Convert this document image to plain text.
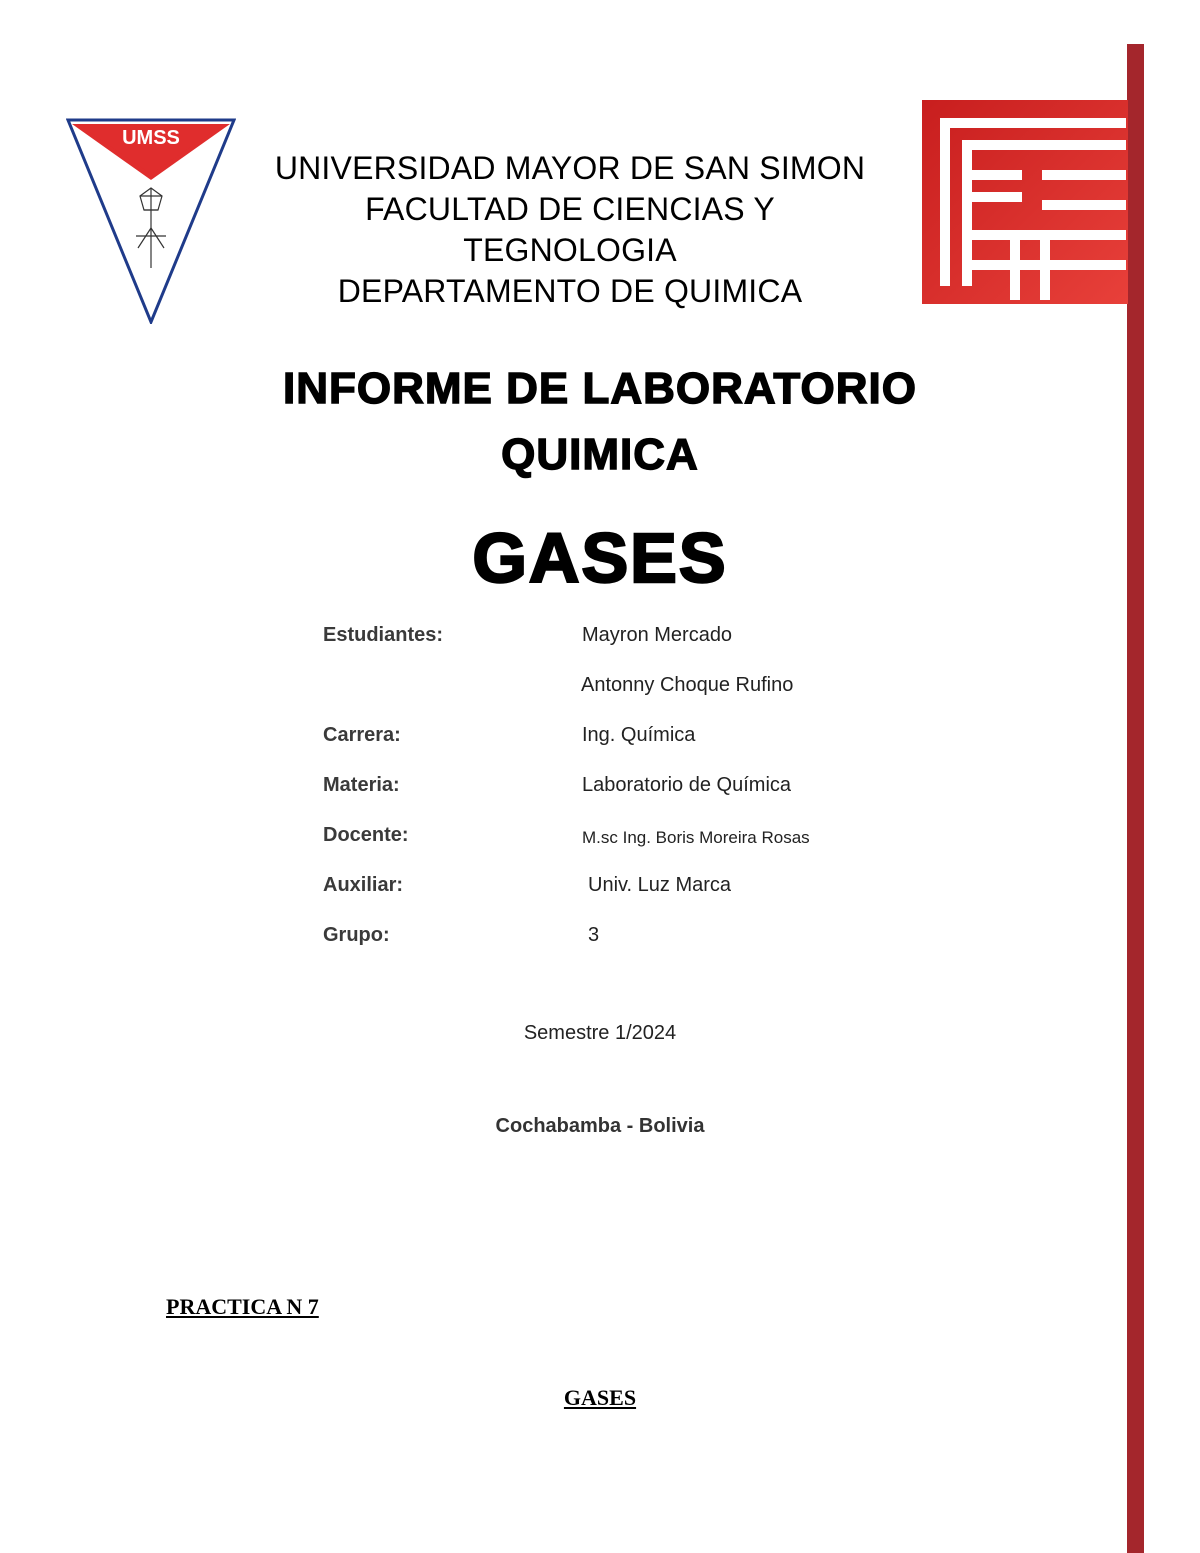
UMSS
UNIVERSIDAD MAYOR DE SAN SIMON
FACULTAD DE CIENCIAS Y
TEGNOLOGIA
DEPARTAMENTO DE QUIMICA
INFORME DE LABORATORIO
QUIMICA
GASES
Estudiantes:	Mayron Mercado
Antonny Choque Rufino
Carrera:	Ing. Química
Materia:	Laboratorio de Química
Docente:	M.sc Ing. Boris Moreira Rosas
Auxiliar:	Univ. Luz Marca
Grupo:	3
Semestre 1/2024
Cochabamba - Bolivia
PRACTICA N 7
GASES
